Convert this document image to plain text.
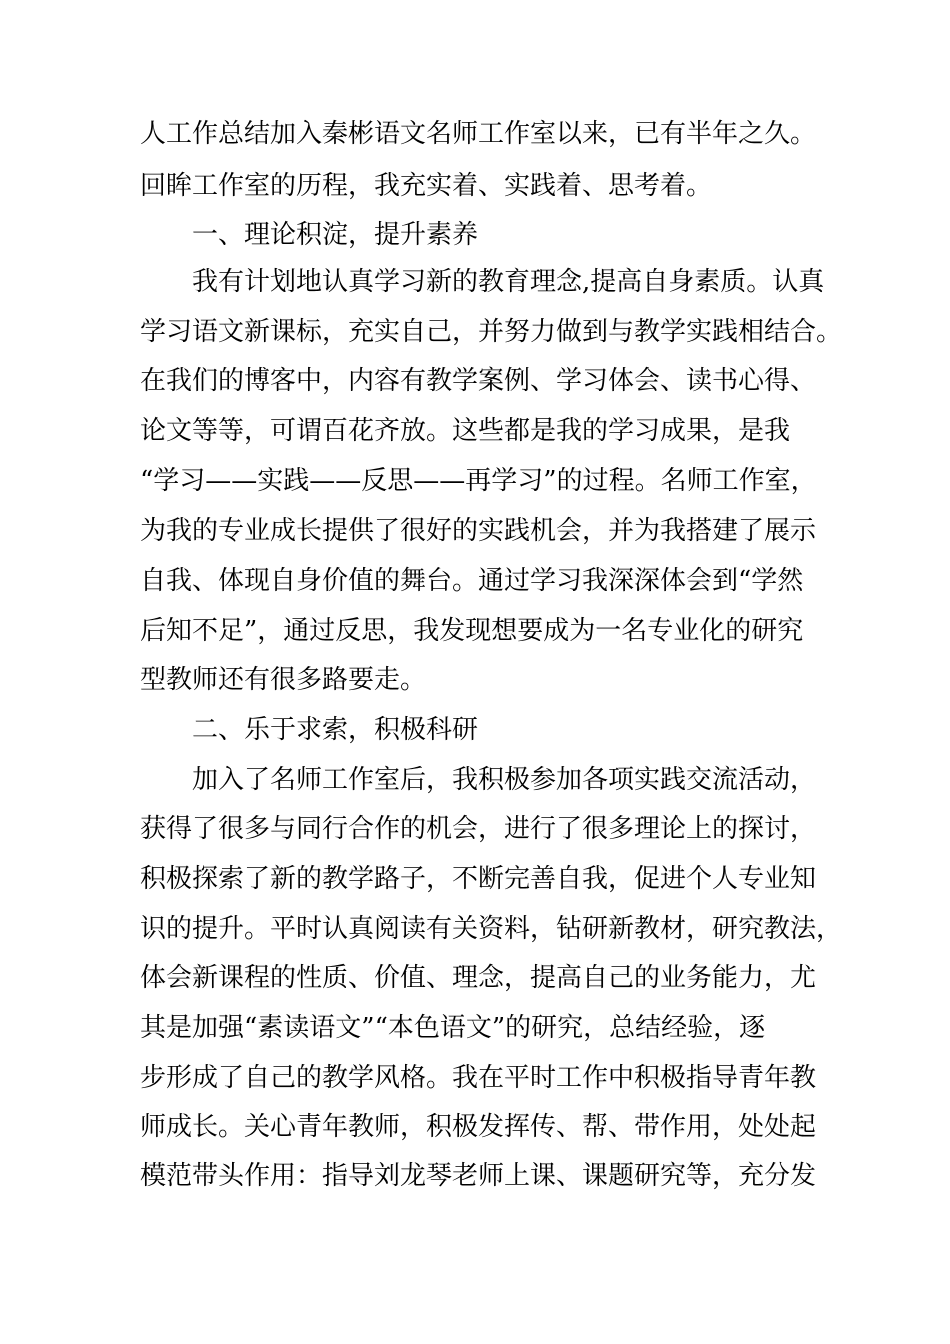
人工作总结加入秦彬语文名师工作室以来，已有半年之久。

回眸工作室的历程，我充实着、实践着、思考着。

一、理论积淀，提升素养

我有计划地认真学习新的教育理念,提高自身素质。认真

学习语文新课标，充实自己，并努力做到与教学实践相结合。

在我们的博客中，内容有教学案例、学习体会、读书心得、

论文等等，可谓百花齐放。这些都是我的学习成果，是我

“学习——实践——反思——再学习”的过程。名师工作室，

为我的专业成长提供了很好的实践机会，并为我搭建了展示

自我、体现自身价值的舞台。通过学习我深深体会到“学然

后知不足”，通过反思，我发现想要成为一名专业化的研究

型教师还有很多路要走。

二、乐于求索，积极科研

加入了名师工作室后，我积极参加各项实践交流活动，

获得了很多与同行合作的机会，进行了很多理论上的探讨，

积极探索了新的教学路子，不断完善自我，促进个人专业知

识的提升。平时认真阅读有关资料，钻研新教材，研究教法，

体会新课程的性质、价值、理念，提高自己的业务能力，尤

其是加强“素读语文”“本色语文”的研究，总结经验，逐

步形成了自己的教学风格。我在平时工作中积极指导青年教

师成长。关心青年教师，积极发挥传、帮、带作用，处处起

模范带头作用：指导刘龙琴老师上课、课题研究等，充分发
